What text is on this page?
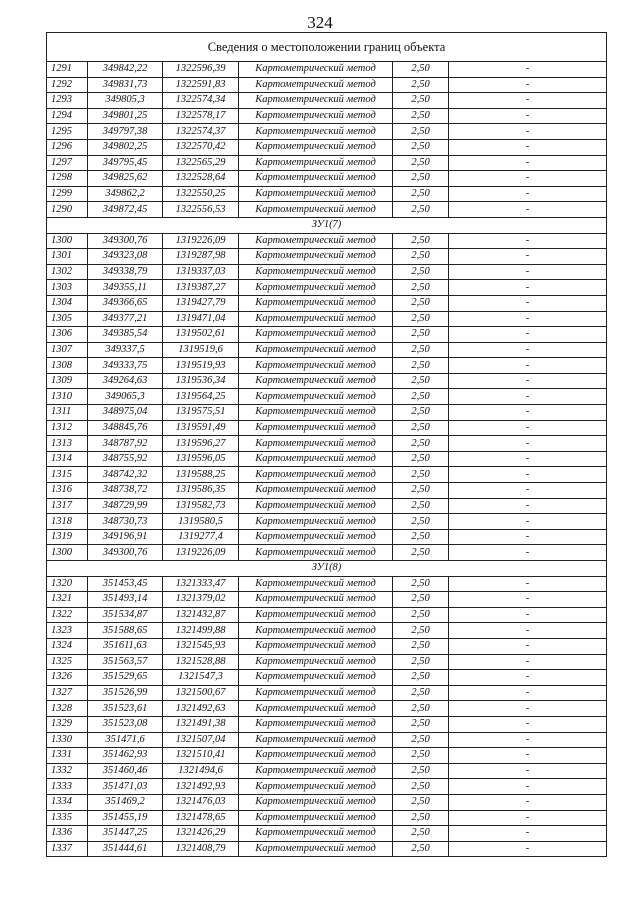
324
Сведения о местоположении границ объекта					
1291	349842,22	1322596,39	Картометрический метод	2,50	-
1292	349831,73	1322591,83	Картометрический метод	2,50	-
1293	349805,3	1322574,34	Картометрический метод	2,50	-
1294	349801,25	1322578,17	Картометрический метод	2,50	-
1295	349797,38	1322574,37	Картометрический метод	2,50	-
1296	349802,25	1322570,42	Картометрический метод	2,50	-
1297	349795,45	1322565,29	Картометрический метод	2,50	-
1298	349825,62	1322528,64	Картометрический метод	2,50	-
1299	349862,2	1322550,25	Картометрический метод	2,50	-
1290	349872,45	1322556,53	Картометрический метод	2,50	-
ЗУ1(7)					
1300	349300,76	1319226,09	Картометрический метод	2,50	-
1301	349323,08	1319287,98	Картометрический метод	2,50	-
1302	349338,79	1319337,03	Картометрический метод	2,50	-
1303	349355,11	1319387,27	Картометрический метод	2,50	-
1304	349366,65	1319427,79	Картометрический метод	2,50	-
1305	349377,21	1319471,04	Картометрический метод	2,50	-
1306	349385,54	1319502,61	Картометрический метод	2,50	-
1307	349337,5	1319519,6	Картометрический метод	2,50	-
1308	349333,75	1319519,93	Картометрический метод	2,50	-
1309	349264,63	1319536,34	Картометрический метод	2,50	-
1310	349065,3	1319564,25	Картометрический метод	2,50	-
1311	348975,04	1319575,51	Картометрический метод	2,50	-
1312	348845,76	1319591,49	Картометрический метод	2,50	-
1313	348787,92	1319596,27	Картометрический метод	2,50	-
1314	348755,92	1319596,05	Картометрический метод	2,50	-
1315	348742,32	1319588,25	Картометрический метод	2,50	-
1316	348738,72	1319586,35	Картометрический метод	2,50	-
1317	348729,99	1319582,73	Картометрический метод	2,50	-
1318	348730,73	1319580,5	Картометрический метод	2,50	-
1319	349196,91	1319277,4	Картометрический метод	2,50	-
1300	349300,76	1319226,09	Картометрический метод	2,50	-
ЗУ1(8)					
1320	351453,45	1321333,47	Картометрический метод	2,50	-
1321	351493,14	1321379,02	Картометрический метод	2,50	-
1322	351534,87	1321432,87	Картометрический метод	2,50	-
1323	351588,65	1321499,88	Картометрический метод	2,50	-
1324	351611,63	1321545,93	Картометрический метод	2,50	-
1325	351563,57	1321528,88	Картометрический метод	2,50	-
1326	351529,65	1321547,3	Картометрический метод	2,50	-
1327	351526,99	1321500,67	Картометрический метод	2,50	-
1328	351523,61	1321492,63	Картометрический метод	2,50	-
1329	351523,08	1321491,38	Картометрический метод	2,50	-
1330	351471,6	1321507,04	Картометрический метод	2,50	-
1331	351462,93	1321510,41	Картометрический метод	2,50	-
1332	351460,46	1321494,6	Картометрический метод	2,50	-
1333	351471,03	1321492,93	Картометрический метод	2,50	-
1334	351469,2	1321476,03	Картометрический метод	2,50	-
1335	351455,19	1321478,65	Картометрический метод	2,50	-
1336	351447,25	1321426,29	Картометрический метод	2,50	-
1337	351444,61	1321408,79	Картометрический метод	2,50	-
